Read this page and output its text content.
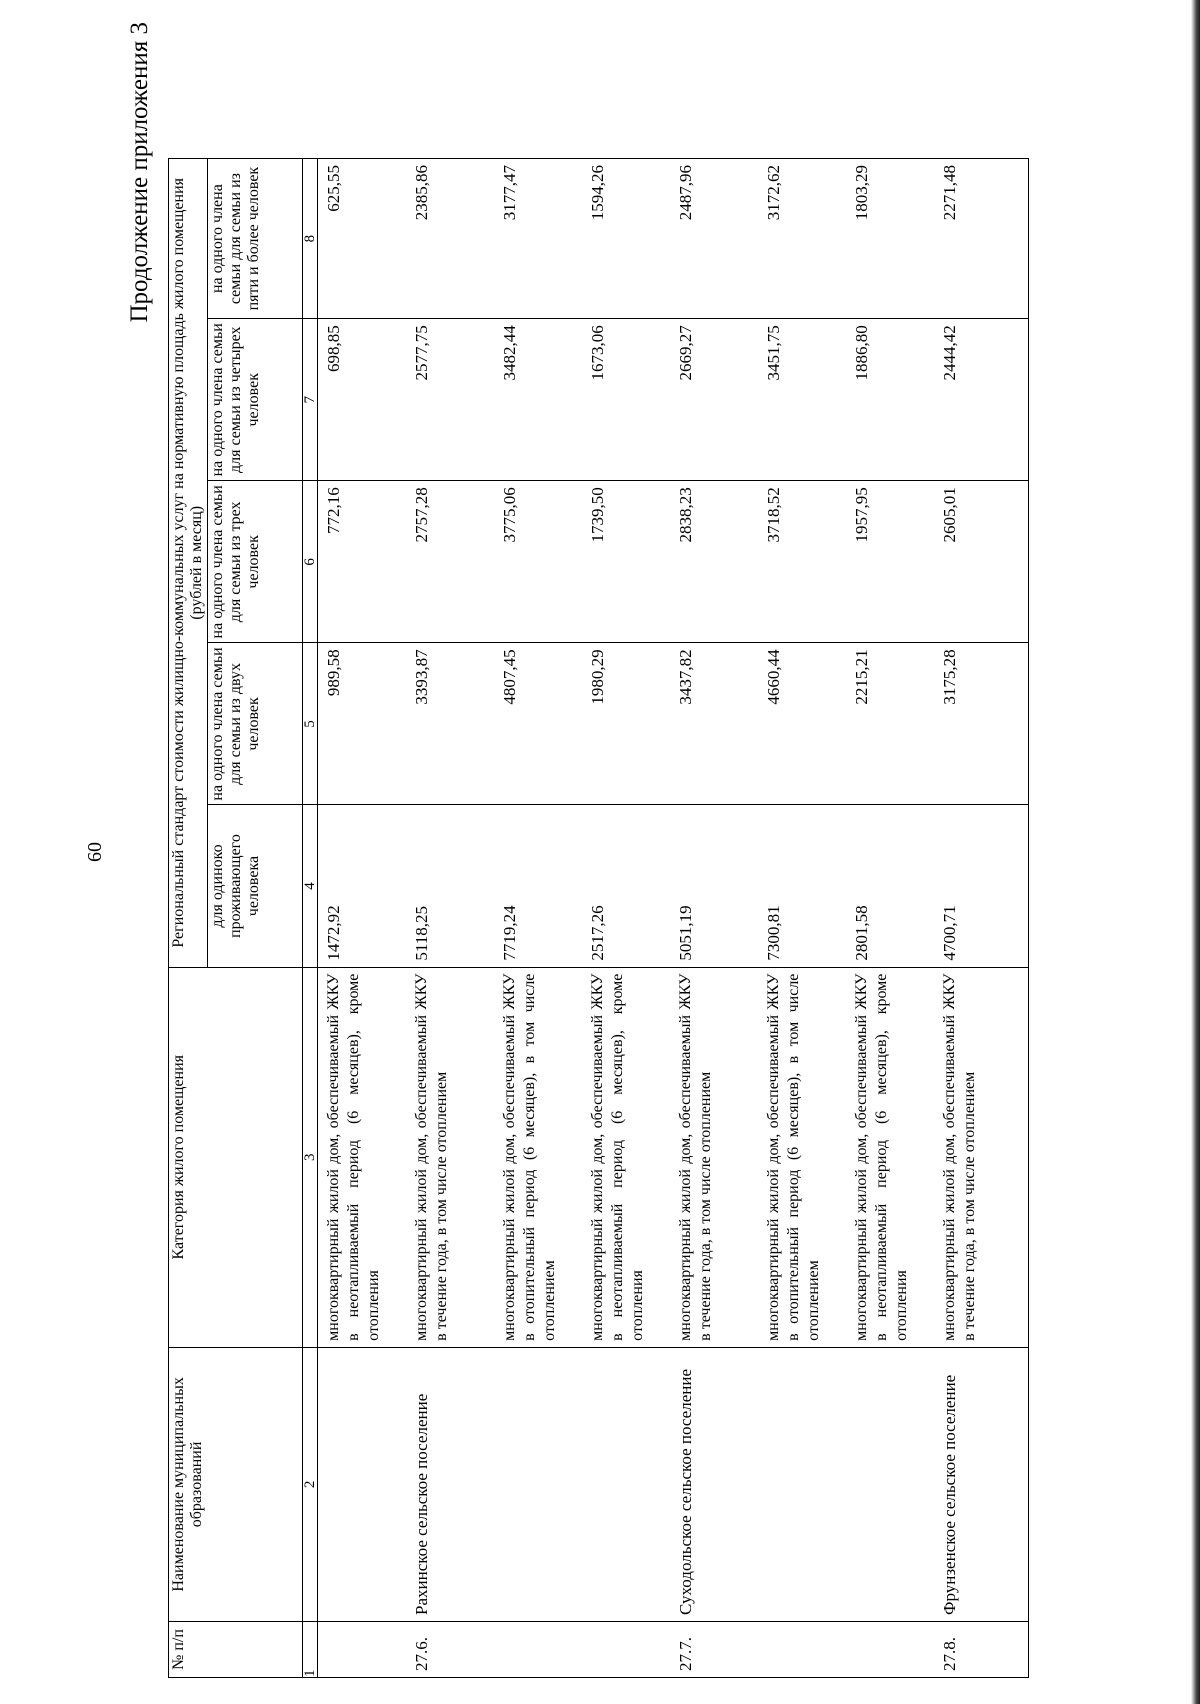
60
Продолжение приложения 3
№ п/п	Наименование муниципальных образований	Категория жилого помещения	Региональный стандарт стоимости жилищно-коммунальных услуг на нормативную площадь жилого помещения (рублей в месяц)				
			для одиноко проживающего человека	на одного члена семьи для семьи из двух человек	на одного члена семьи для семьи из трех человек	на одного члена семьи для семьи из четырех человек	на одного члена семьи для семьи из пяти и более человек
1	2	3	4	5	6	7	8
		многоквартирный жилой дом, обеспечиваемый ЖКУ в неотапливаемый период (6 месяцев), кроме отопления	1472,92	989,58	772,16	698,85	625,55
27.6.	Рахинское сельское поселение	многоквартирный жилой дом, обеспечиваемый ЖКУ в течение года, в том числе отоплением	5118,25	3393,87	2757,28	2577,75	2385,86
		многоквартирный жилой дом, обеспечиваемый ЖКУ в отопительный период (6 месяцев), в том числе отоплением	7719,24	4807,45	3775,06	3482,44	3177,47
		многоквартирный жилой дом, обеспечиваемый ЖКУ в неотапливаемый период (6 месяцев), кроме отопления	2517,26	1980,29	1739,50	1673,06	1594,26
27.7.	Суходольское сельское поселение	многоквартирный жилой дом, обеспечиваемый ЖКУ в течение года, в том числе отоплением	5051,19	3437,82	2838,23	2669,27	2487,96
		многоквартирный жилой дом, обеспечиваемый ЖКУ в отопительный период (6 месяцев), в том числе отоплением	7300,81	4660,44	3718,52	3451,75	3172,62
		многоквартирный жилой дом, обеспечиваемый ЖКУ в неотапливаемый период (6 месяцев), кроме отопления	2801,58	2215,21	1957,95	1886,80	1803,29
27.8.	Фрунзенское сельское поселение	многоквартирный жилой дом, обеспечиваемый ЖКУ в течение года, в том числе отоплением	4700,71	3175,28	2605,01	2444,42	2271,48
